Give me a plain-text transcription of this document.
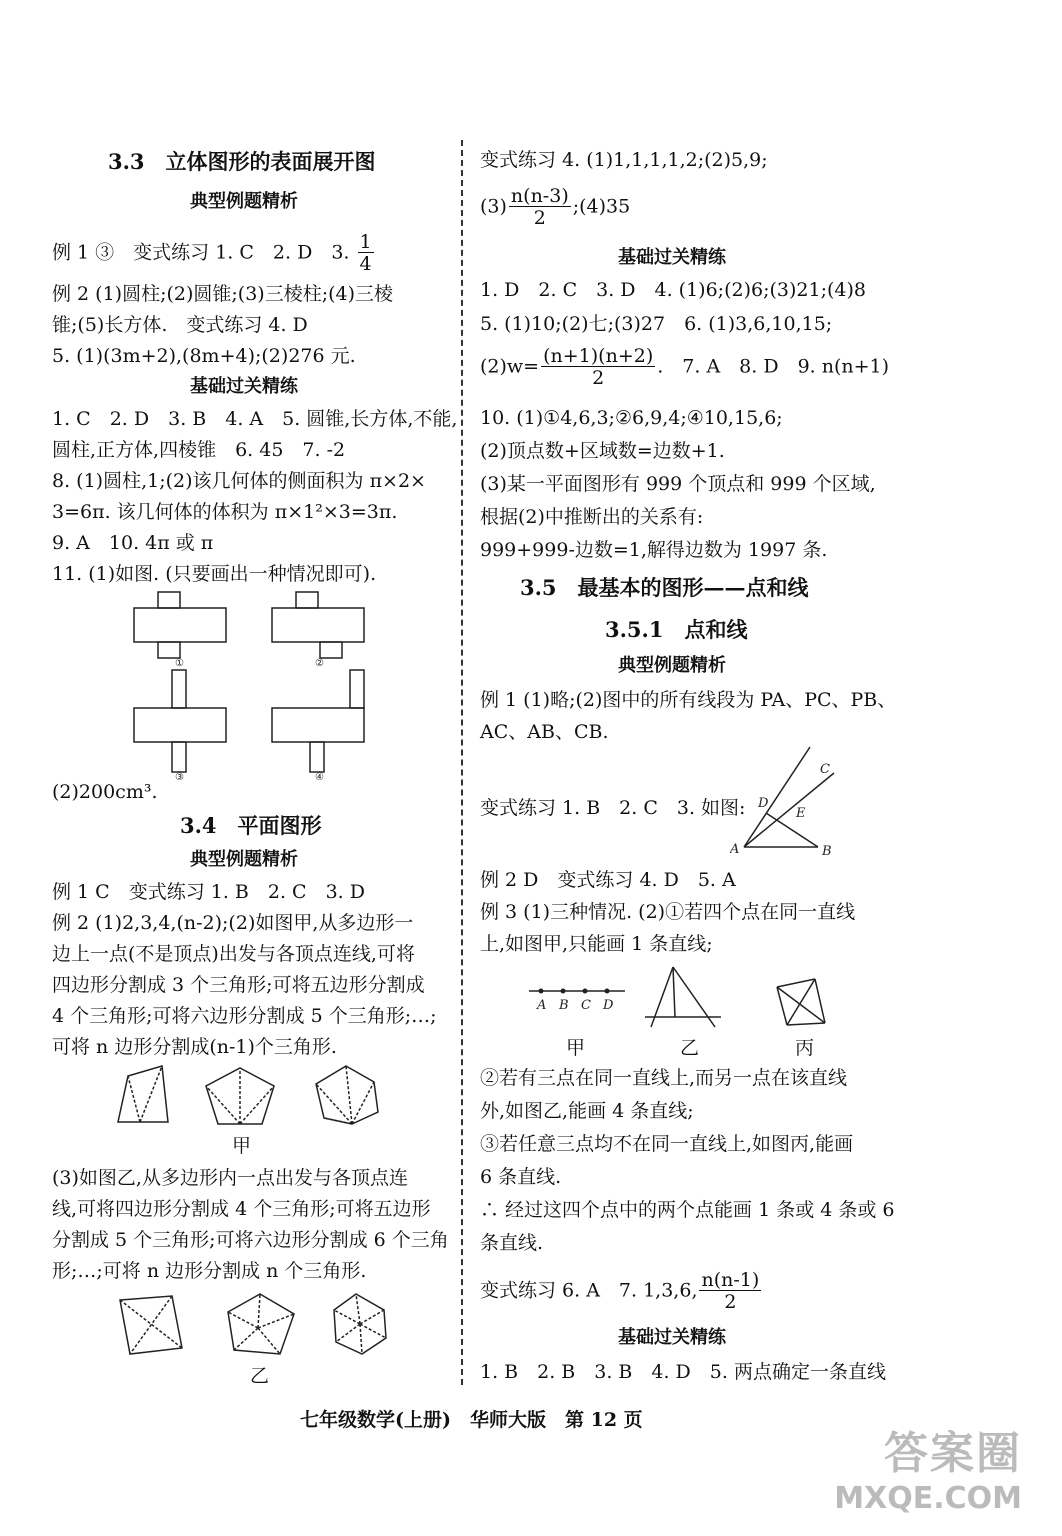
3.3　立体图形的表面展开图
典型例题精析
例 1 ③　变式练习 1. C　2. D　3. $\frac{1}{4}$
例 2 (1)圆柱;(2)圆锥;(3)三棱柱;(4)三棱
锥;(5)长方体.　变式练习 4. D
5. (1)(3m+2),(8m+4);(2)276 元.
基础过关精练
1. C　2. D　3. B　4. A　5. 圆锥,长方体,不能,
圆柱,正方体,四棱锥　6. 45　7. -2
8. (1)圆柱,1;(2)该几何体的侧面积为 π×2×
3=6π. 该几何体的体积为 π×1²×3=3π.
9. A　10. 4π 或 π
11. (1)如图. (只要画出一种情况即可).
①	②
③	④
(2)200cm³.
3.4　平面图形
典型例题精析
例 1 C　变式练习 1. B　2. C　3. D
例 2 (1)2,3,4,(n-2);(2)如图甲,从多边形一
边上一点(不是顶点)出发与各顶点连线,可将
四边形分割成 3 个三角形;可将五边形分割成
4 个三角形;可将六边形分割成 5 个三角形;…;
可将 n 边形分割成(n-1)个三角形.
甲
(3)如图乙,从多边形内一点出发与各顶点连
线,可将四边形分割成 4 个三角形;可将五边形
分割成 5 个三角形;可将六边形分割成 6 个三角
形;…;可将 n 边形分割成 n 个三角形.
乙
变式练习 4. (1)1,1,1,1,2;(2)5,9;
$(3) \frac{n(n-3)}{2}$ ;(4)35
基础过关精练
1. D　2. C　3. D　4. (1)6;(2)6;(3)21;(4)8
5. (1)10;(2)七;(3)27　6. (1)3,6,10,15;
$(2)w= \frac{(n+1)(n+2)}{2}$ .　7. A　8. D　9. n(n+1)
10. (1)①4,6,3;②6,9,4;④10,15,6;
(2)顶点数+区域数=边数+1.
(3)某一平面图形有 999 个顶点和 999 个区域,
根据(2)中推断出的关系有:
999+999-边数=1,解得边数为 1997 条.
3.5　最基本的图形——点和线
3.5.1　点和线
典型例题精析
例 1 (1)略;(2)图中的所有线段为 PA、PC、PB、
AC、AB、CB.
变式练习 1. B　2. C　3. 如图:
A	B
C
D
E
例 2 D　变式练习 4. D　5. A
例 3 (1)三种情况. (2)①若四个点在同一直线
上,如图甲,只能画 1 条直线;
A B C D
甲	乙	丙
②若有三点在同一直线上,而另一点在该直线
外,如图乙,能画 4 条直线;
③若任意三点均不在同一直线上,如图丙,能画
6 条直线.
∴ 经过这四个点中的两个点能画 1 条或 4 条或 6
条直线.
变式练习 6. A　7. 1,3,6, $\frac{n(n-1)}{2}$
基础过关精练
1. B　2. B　3. B　4. D　5. 两点确定一条直线
七年级数学(上册)　华师大版　第 12 页
答案圈
MXQE.COM
